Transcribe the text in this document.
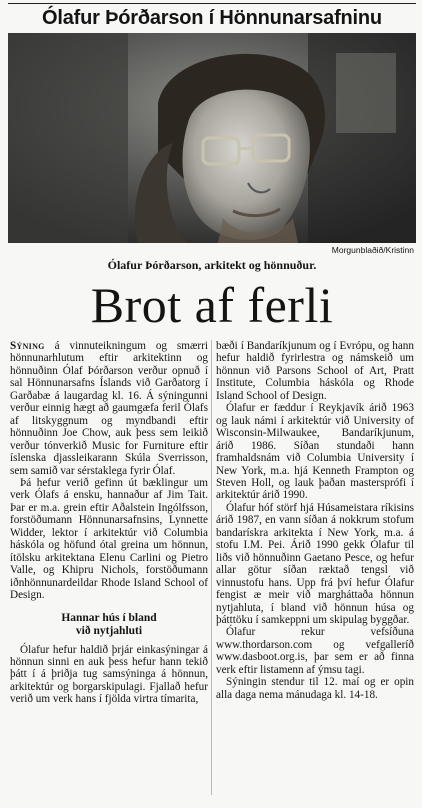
Ólafur Þórðarson í Hönnunarsafninu
Morgunblaðið/Kristinn
Ólafur Þórðarson, arkitekt og hönnuður.
Brot af ferli

Sýning á vinnuteikningum og smærri hönnunarhlutum eftir arkitektinn og hönnuðinn Ólaf Þórðarson verður opnuð í sal Hönnunarsafns Íslands við Garðatorg í Garðabæ á laugardag kl. 16. Á sýningunni verður einnig hægt að gaumgæfa feril Ólafs af litskyggnum og myndbandi eftir hönnuðinn Joe Chow, auk þess sem leikið verður tónverkið Music for Furniture eftir íslenska djassleikarann Skúla Sverrisson, sem samið var sérstaklega fyrir Ólaf.

Þá hefur verið gefinn út bæklingur um verk Ólafs á ensku, hannaður af Jim Tait. Þar er m.a. grein eftir Aðalstein Ingólfsson, forstöðumann Hönnunarsafnsins, Lynnette Widder, lektor í arkitektúr við Columbia háskóla og höfund ótal greina um hönnun, ítölsku arkitektana Elenu Carlini og Pietro Valle, og Khipru Nichols, forstöðumann iðnhönnunardeildar Rhode Island School of Design.

Hannar hús í bland
við nytjahluti

Ólafur hefur haldið þrjár einkasýningar á hönnun sinni en auk þess hefur hann tekið þátt í á þriðja tug samsýninga á hönnun, arkitektúr og borgarskipulagi. Fjallað hefur verið um verk hans í fjölda virtra tímarita,

bæði í Bandaríkjunum og í Evrópu, og hann hefur haldið fyrirlestra og námskeið um hönnun við Parsons School of Art, Pratt Institute, Columbia háskóla og Rhode Island School of Design.

Ólafur er fæddur í Reykjavík árið 1963 og lauk námi í arkitektúr við University of Wisconsin-Milwaukee, Bandaríkjunum, árið 1986. Síðan stundaði hann framhaldsnám við Columbia University í New York, m.a. hjá Kenneth Frampton og Steven Holl, og lauk þaðan mastersprófi í arkitektúr árið 1990.

Ólafur hóf störf hjá Húsameistara ríkisins árið 1987, en vann síðan á nokkrum stofum bandarískra arkitekta í New York, m.a. á stofu I.M. Pei. Árið 1990 gekk Ólafur til liðs við hönnuðinn Gaetano Pesce, og hefur allar götur síðan ræktað tengsl við vinnustofu hans. Upp frá því hefur Ólafur fengist æ meir við margháttaða hönnun nytjahluta, í bland við hönnun húsa og þátttöku í samkeppni um skipulag byggðar.

Ólafur rekur vefsíðuna www.thordarson.com og vefgalleríð www.dasboot.org.is, þar sem er að finna verk eftir listamenn af ýmsu tagi.

Sýningin stendur til 12. maí og er opin alla daga nema mánudaga kl. 14-18.
